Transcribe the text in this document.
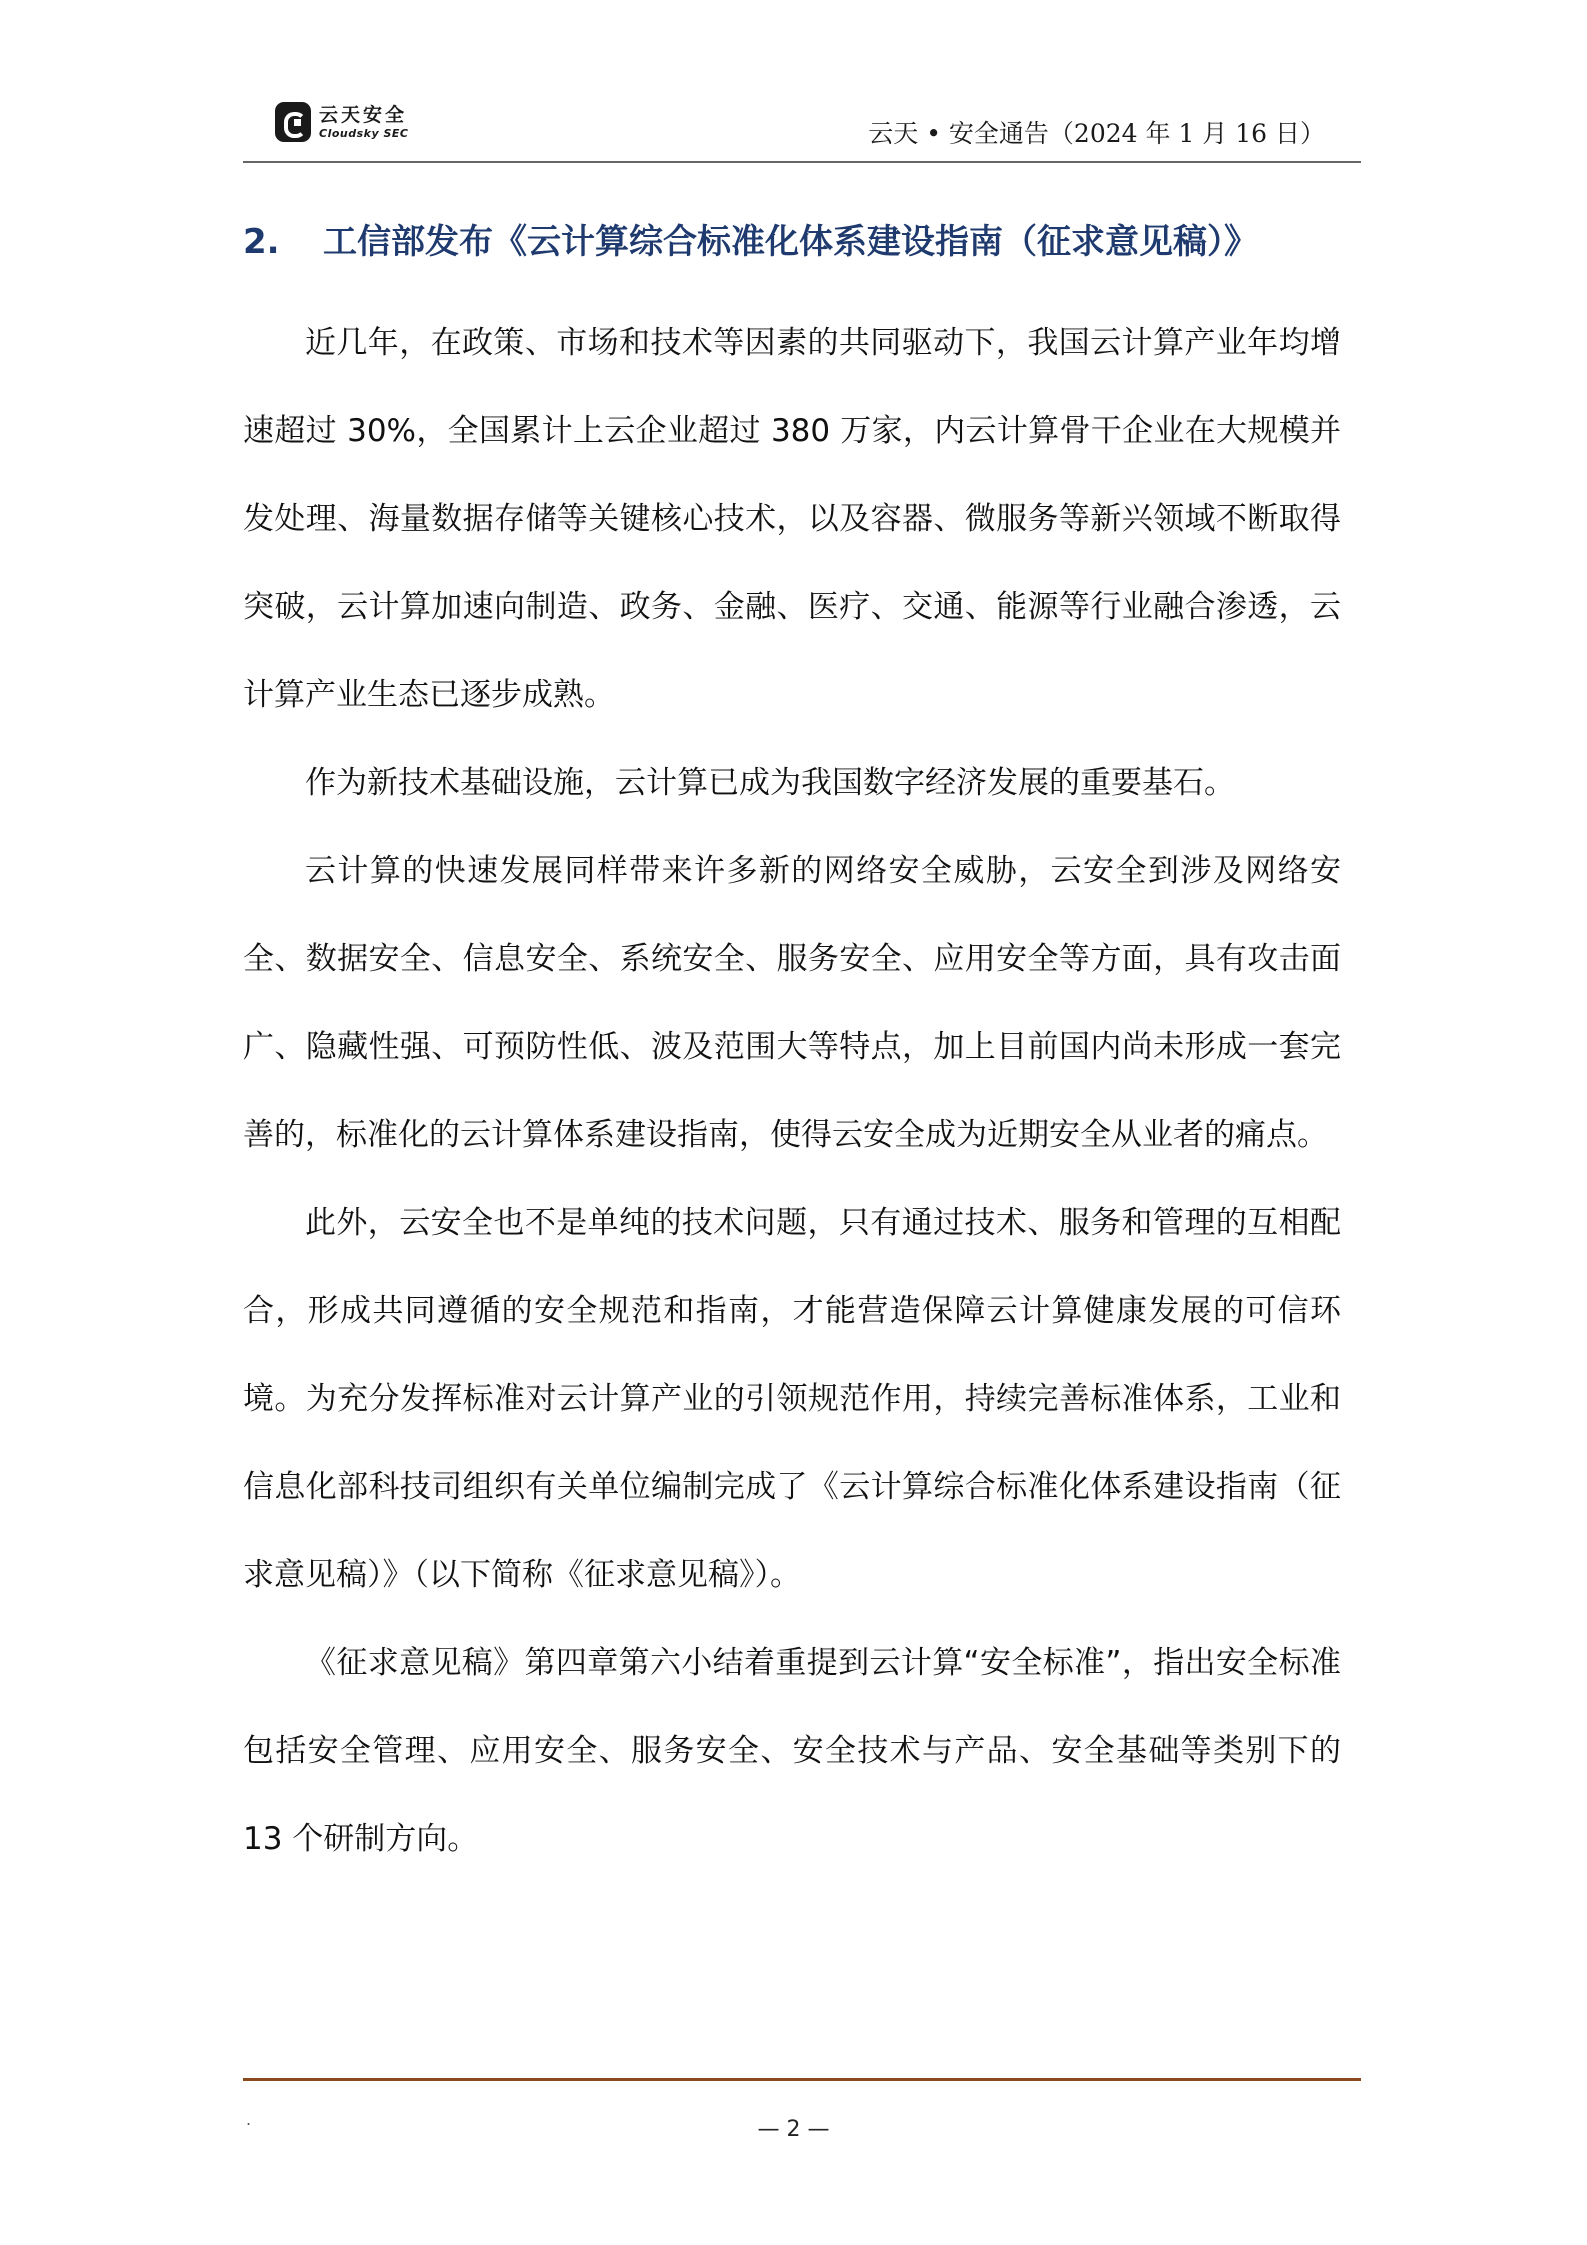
云天安全
Cloudsky SEC	云天 • 安全通告（2024 年 1 月 16 日）
2. 工信部发布《云计算综合标准化体系建设指南（征求意见稿）》

近几年，在政策、市场和技术等因素的共同驱动下，我国云计算产业年均增速超过 30%，全国累计上云企业超过 380 万家，内云计算骨干企业在大规模并发处理、海量数据存储等关键核心技术，以及容器、微服务等新兴领域不断取得突破，云计算加速向制造、政务、金融、医疗、交通、能源等行业融合渗透，云计算产业生态已逐步成熟。

作为新技术基础设施，云计算已成为我国数字经济发展的重要基石。

云计算的快速发展同样带来许多新的网络安全威胁，云安全到涉及网络安全、数据安全、信息安全、系统安全、服务安全、应用安全等方面，具有攻击面广、隐藏性强、可预防性低、波及范围大等特点，加上目前国内尚未形成一套完善的，标准化的云计算体系建设指南，使得云安全成为近期安全从业者的痛点。

此外，云安全也不是单纯的技术问题，只有通过技术、服务和管理的互相配合，形成共同遵循的安全规范和指南，才能营造保障云计算健康发展的可信环境。为充分发挥标准对云计算产业的引领规范作用，持续完善标准体系，工业和信息化部科技司组织有关单位编制完成了《云计算综合标准化体系建设指南（征求意见稿）》（以下简称《征求意见稿》）。

《征求意见稿》第四章第六小结着重提到云计算“安全标准”，指出安全标准包括安全管理、应用安全、服务安全、安全技术与产品、安全基础等类别下的 13 个研制方向。

.	— 2 —
